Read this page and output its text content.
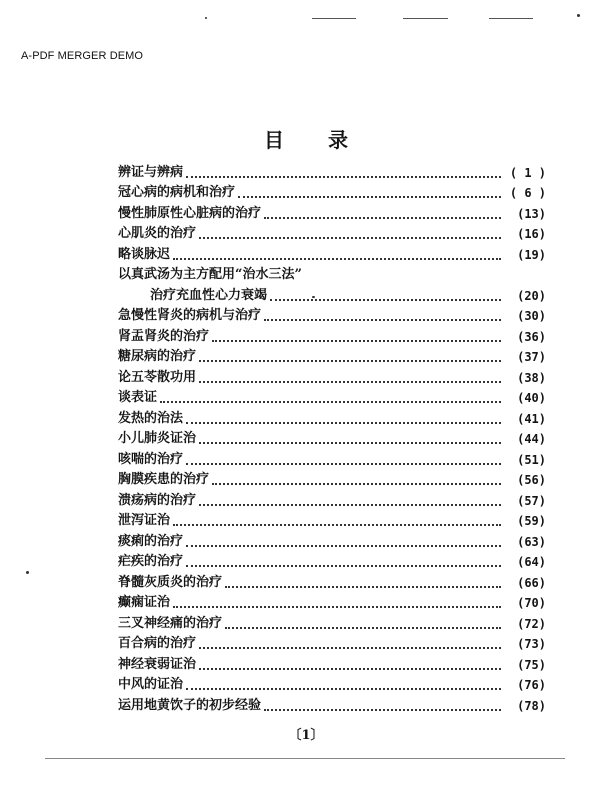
A-PDF MERGER DEMO
目 录
辨证与辨病	( 1 )
冠心病的病机和治疗	( 6 )
慢性肺原性心脏病的治疗	(13)
心肌炎的治疗	(16)
略谈脉迟	(19)
以真武汤为主方配用“治水三法”
治疗充血性心力衰竭	(20)
急慢性肾炎的病机与治疗	(30)
肾盂肾炎的治疗	(36)
糖尿病的治疗	(37)
论五苓散功用	(38)
谈表证	(40)
发热的治法	(41)
小儿肺炎证治	(44)
咳喘的治疗	(51)
胸膜疾患的治疗	(56)
溃疡病的治疗	(57)
泄泻证治	(59)
痰痢的治疗	(63)
疟疾的治疗	(64)
脊髓灰质炎的治疗	(66)
癫痫证治	(70)
三叉神经痛的治疗	(72)
百合病的治疗	(73)
神经衰弱证治	(75)
中风的证治	(76)
运用地黄饮子的初步经验	(78)
〔1〕
